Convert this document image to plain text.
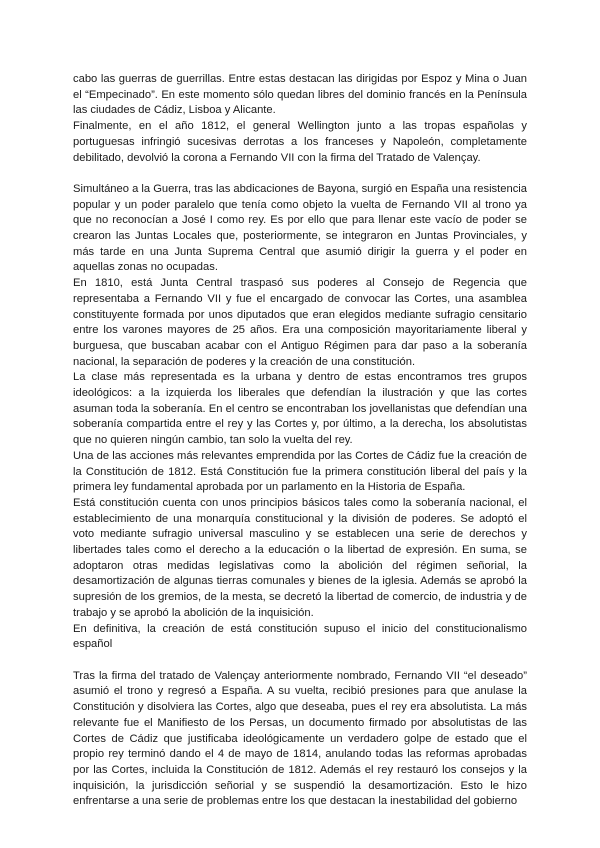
cabo las guerras de guerrillas. Entre estas destacan las dirigidas por Espoz y Mina o Juan el “Empecinado”. En este momento sólo quedan libres del dominio francés en la Península las ciudades de Cádiz, Lisboa y Alicante.

Finalmente, en el año 1812, el general Wellington junto a las tropas españolas y portuguesas infringió sucesivas derrotas a los franceses y Napoleón, completamente debilitado, devolvió la corona a Fernando VII con la firma del Tratado de Valençay.

Simultáneo a la Guerra, tras las abdicaciones de Bayona, surgió en España una resistencia popular y un poder paralelo que tenía como objeto la vuelta de Fernando VII al trono ya que no reconocían a José I como rey. Es por ello que para llenar este vacío de poder se crearon las Juntas Locales que, posteriormente, se integraron en Juntas Provinciales, y más tarde en una Junta Suprema Central que asumió dirigir la guerra y el poder en aquellas zonas no ocupadas.

En 1810, está Junta Central traspasó sus poderes al Consejo de Regencia que representaba a Fernando VII y fue el encargado de convocar las Cortes, una asamblea constituyente formada por unos diputados que eran elegidos mediante sufragio censitario entre los varones mayores de 25 años. Era una composición mayoritariamente liberal y burguesa, que buscaban acabar con el Antiguo Régimen para dar paso a la soberanía nacional, la separación de poderes y la creación de una constitución.

La clase más representada es la urbana y dentro de estas encontramos tres grupos ideológicos: a la izquierda los liberales que defendían la ilustración y que las cortes asuman toda la soberanía. En el centro se encontraban los jovellanistas que defendían una soberanía compartida entre el rey y las Cortes y, por último, a la derecha, los absolutistas que no quieren ningún cambio, tan solo la vuelta del rey.

Una de las acciones más relevantes emprendida por las Cortes de Cádiz fue la creación de la Constitución de 1812. Está Constitución fue la primera constitución liberal del país y la primera ley fundamental aprobada por un parlamento en la Historia de España.

Está constitución cuenta con unos principios básicos tales como la soberanía nacional, el establecimiento de una monarquía constitucional y la división de poderes. Se adoptó el voto mediante sufragio universal masculino y se establecen una serie de derechos y libertades tales como el derecho a la educación o la libertad de expresión. En suma, se adoptaron otras medidas legislativas como la abolición del régimen señorial, la desamortización de algunas tierras comunales y bienes de la iglesia. Además se aprobó la supresión de los gremios, de la mesta, se decretó la libertad de comercio, de industria y de trabajo y se aprobó la abolición de la inquisición.

En definitiva, la creación de está constitución supuso el inicio del constitucionalismo español

Tras la firma del tratado de Valençay anteriormente nombrado, Fernando VII “el deseado” asumió el trono y regresó a España. A su vuelta, recibió presiones para que anulase la Constitución y disolviera las Cortes, algo que deseaba, pues el rey era absolutista. La más relevante fue el Manifiesto de los Persas, un documento firmado por absolutistas de las Cortes de Cádiz que justificaba ideológicamente un verdadero golpe de estado que el propio rey terminó dando el 4 de mayo de 1814, anulando todas las reformas aprobadas por las Cortes, incluida la Constitución de 1812. Además el rey restauró los consejos y la inquisición, la jurisdicción señorial y se suspendió la desamortización. Esto le hizo enfrentarse a una serie de problemas entre los que destacan la inestabilidad del gobierno
